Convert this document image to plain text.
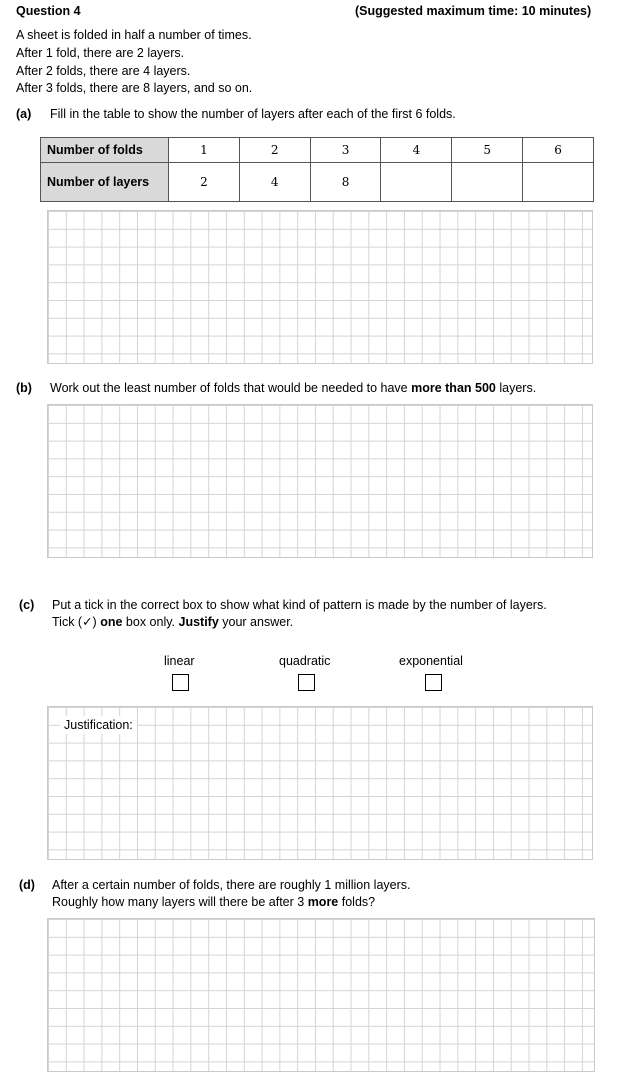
Question 4	(Suggested maximum time: 10 minutes)
A sheet is folded in half a number of times.
After 1 fold, there are 2 layers.
After 2 folds, there are 4 layers.
After 3 folds, there are 8 layers, and so on.
(a) Fill in the table to show the number of layers after each of the first 6 folds.
Number of folds	1	2	3	4	5	6
Number of layers	2	4	8			
(b) Work out the least number of folds that would be needed to have more than 500 layers.
(c) Put a tick in the correct box to show what kind of pattern is made by the number of layers.
Tick (✓) one box only. Justify your answer.
linear	quadratic	exponential
Justification:
(d) After a certain number of folds, there are roughly 1 million layers.
Roughly how many layers will there be after 3 more folds?
